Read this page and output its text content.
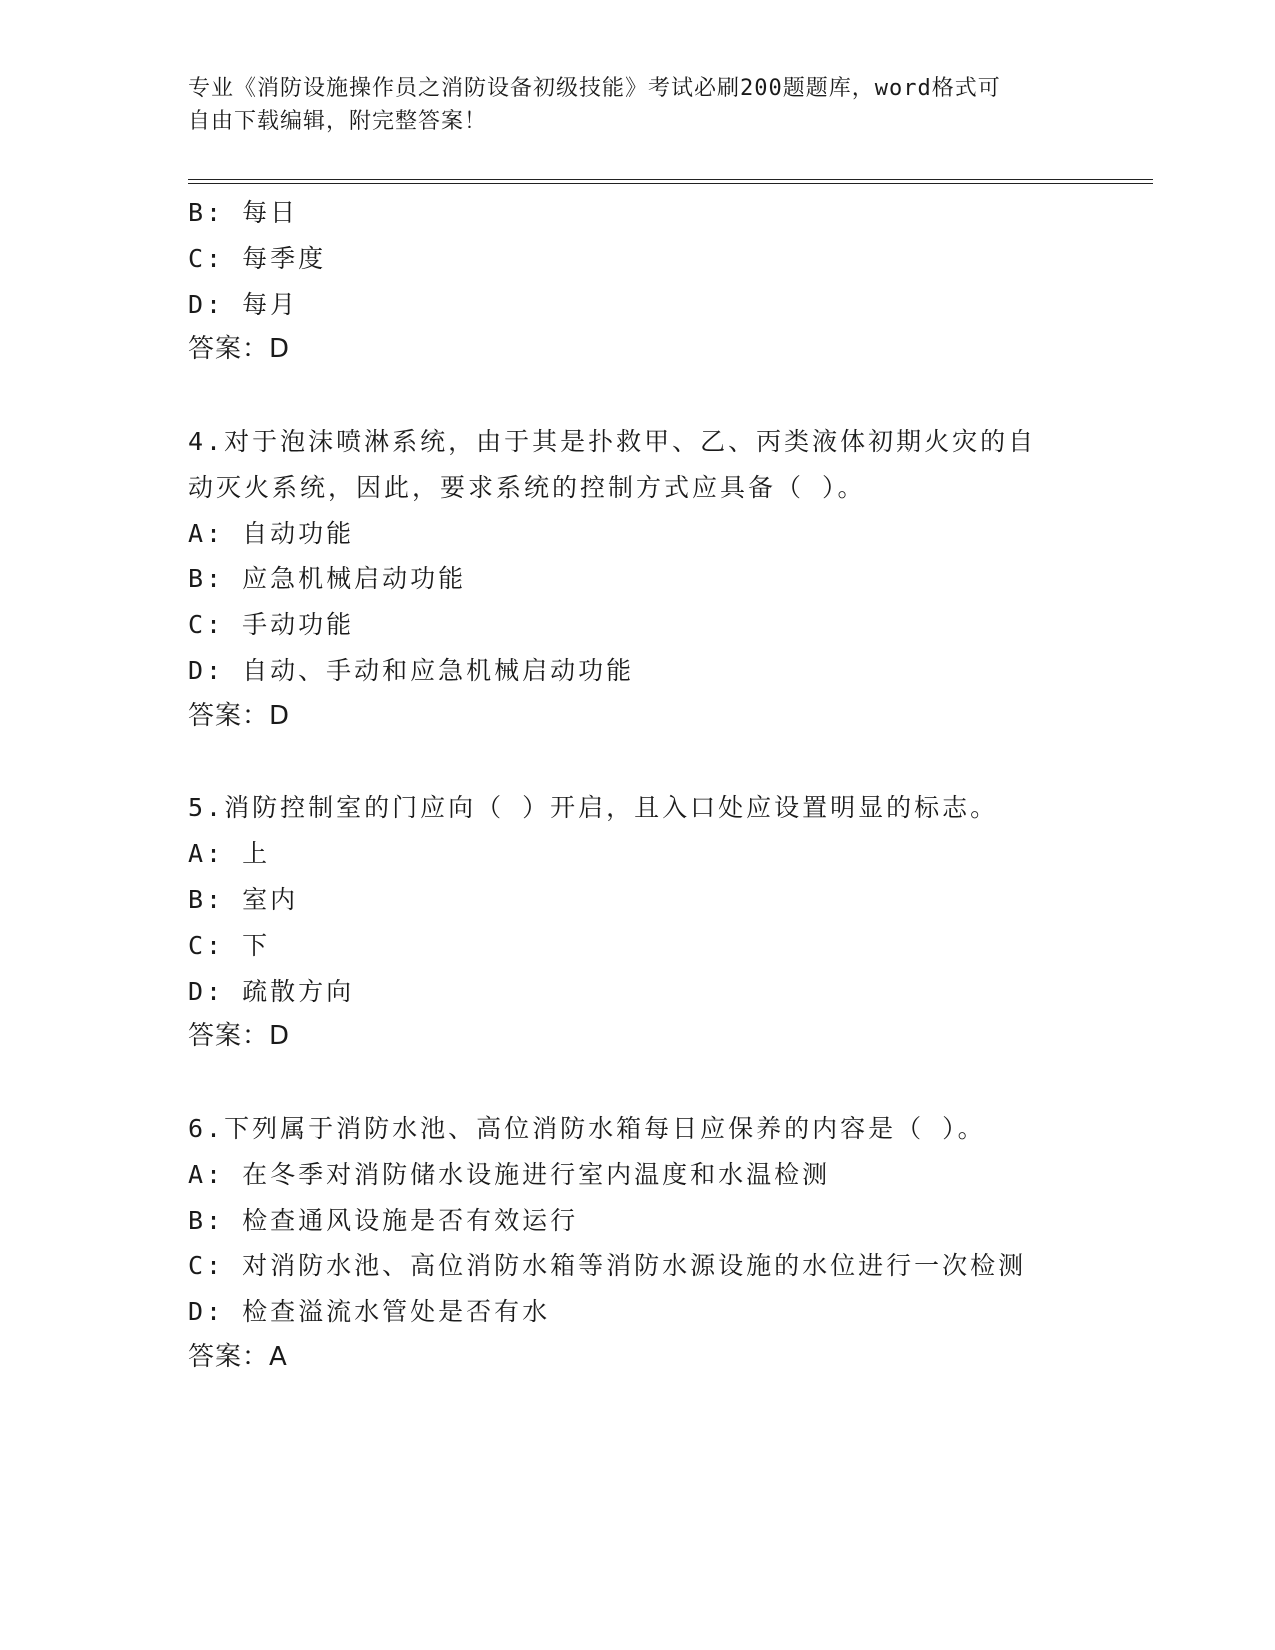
专业《消防设施操作员之消防设备初级技能》考试必刷200题题库，word格式可
自由下载编辑，附完整答案！
B: 每日
C: 每季度
D: 每月
答案：D
4.对于泡沫喷淋系统，由于其是扑救甲、乙、丙类液体初期火灾的自
动灭火系统，因此，要求系统的控制方式应具备（ ）。
A: 自动功能
B: 应急机械启动功能
C: 手动功能
D: 自动、手动和应急机械启动功能
答案：D
5.消防控制室的门应向（ ）开启，且入口处应设置明显的标志。
A: 上
B: 室内
C: 下
D: 疏散方向
答案：D
6.下列属于消防水池、高位消防水箱每日应保养的内容是（ ）。
A: 在冬季对消防储水设施进行室内温度和水温检测
B: 检查通风设施是否有效运行
C: 对消防水池、高位消防水箱等消防水源设施的水位进行一次检测
D: 检查溢流水管处是否有水
答案：A
